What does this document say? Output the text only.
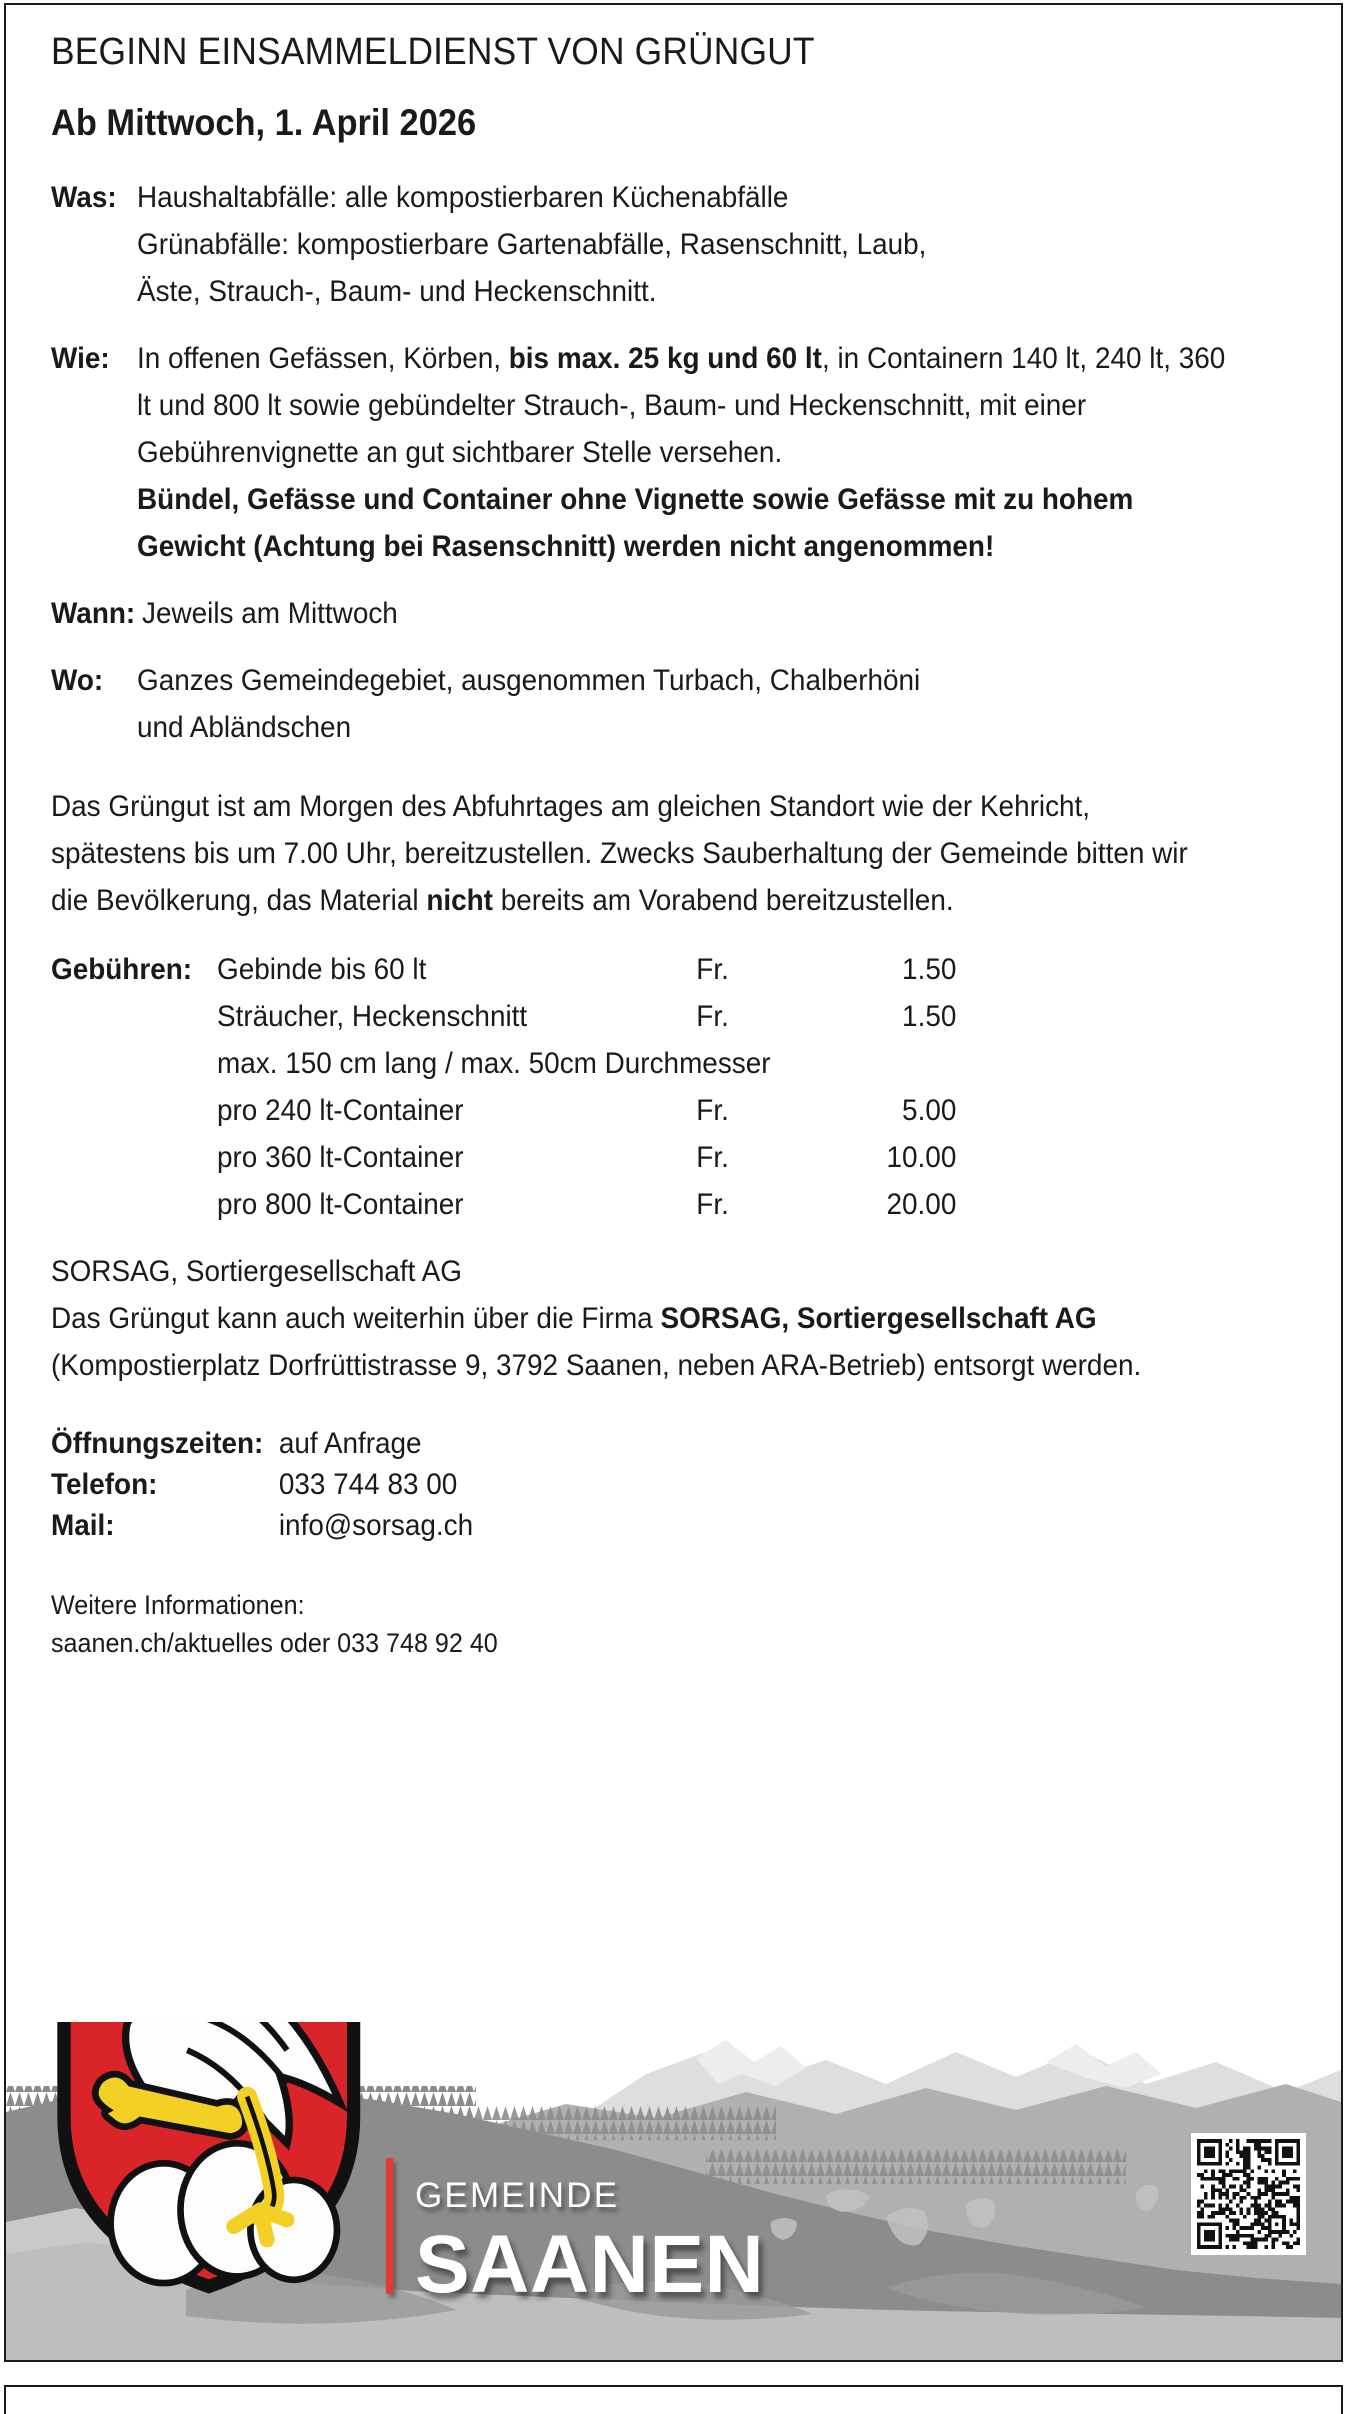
BEGINN EINSAMMELDIENST VON GRÜNGUT
Ab Mittwoch, 1. April 2026
Was: Haushaltabfälle: alle kompostierbaren Küchenabfälle
Grünabfälle: kompostierbare Gartenabfälle, Rasenschnitt, Laub,
Äste, Strauch-, Baum- und Heckenschnitt.
Wie: In offenen Gefässen, Körben, bis max. 25 kg und 60 lt, in Containern 140 lt, 240 lt, 360 lt und 800 lt sowie gebündelter Strauch-, Baum- und Heckenschnitt, mit einer Gebührenvignette an gut sichtbarer Stelle versehen.

Bündel, Gefässe und Container ohne Vignette sowie Gefässe mit zu hohem Gewicht (Achtung bei Rasenschnitt) werden nicht angenommen!

Wann: Jeweils am Mittwoch
Wo:	Ganzes Gemeindegebiet, ausgenommen Turbach, Chalberhöni
und Abländschen

Das Grüngut ist am Morgen des Abfuhrtages am gleichen Standort wie der Kehricht, spätestens bis um 7.00 Uhr, bereitzustellen. Zwecks Sauberhaltung der Gemeinde bitten wir die Bevölkerung, das Material nicht bereits am Vorabend bereitzustellen.

Gebühren: Gebinde bis 60 lt	Fr.	1.50
Sträucher, Heckenschnitt	Fr.	1.50
max. 150 cm lang / max. 50cm Durchmesser		
pro 240 lt-Container	Fr.	5.00
pro 360 lt-Container	Fr.	10.00
pro 800 lt-Container	Fr.	20.00

SORSAG, Sortiergesellschaft AG

Das Grüngut kann auch weiterhin über die Firma SORSAG, Sortiergesellschaft AG (Kompostierplatz Dorfrüttistrasse 9, 3792 Saanen, neben ARA-Betrieb) entsorgt werden.

Öffnungszeiten: auf Anfrage
Telefon:	033 744 83 00
Mail:	info@sorsag.ch
Weitere Informationen:
saanen.ch/aktuelles oder 033 748 92 40
GEMEINDE
SAANEN
